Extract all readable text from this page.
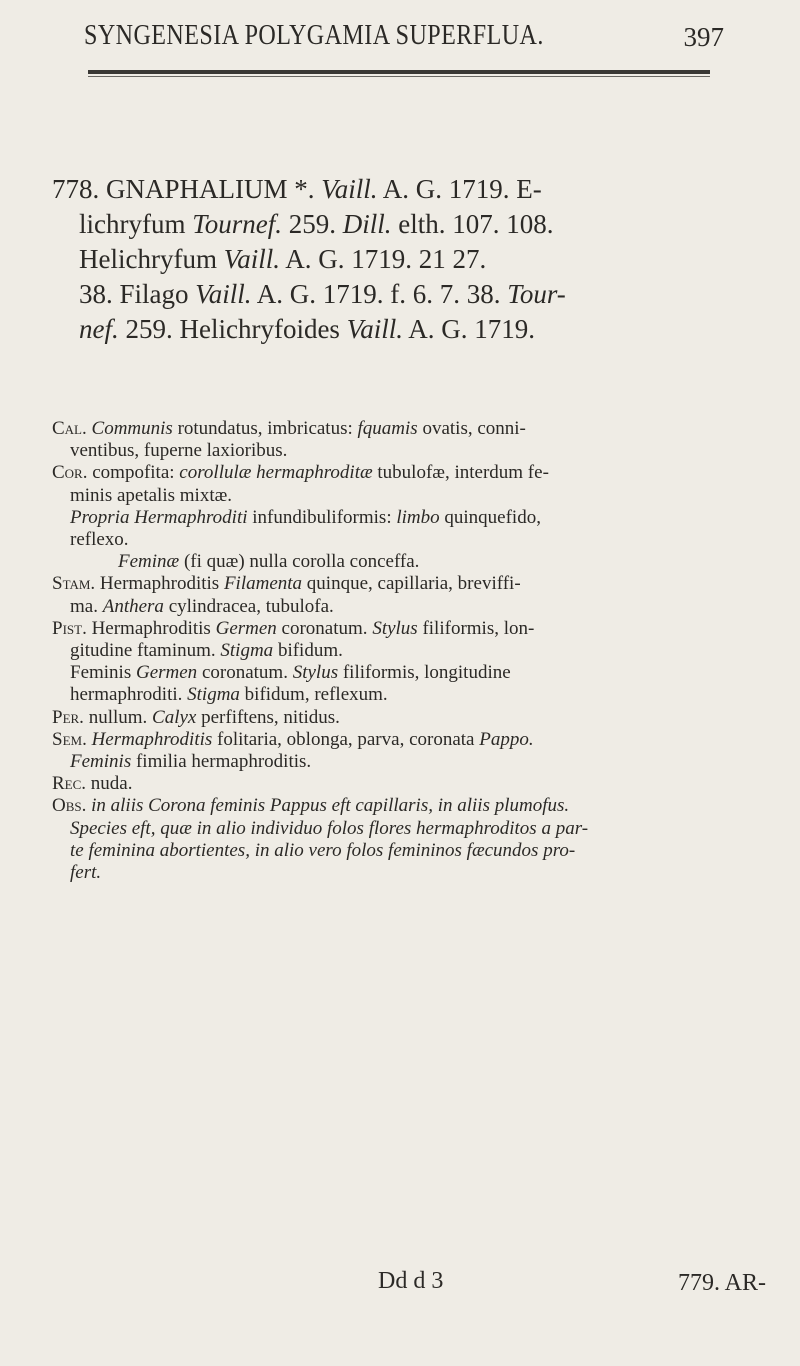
SYNGENESIA POLYGAMIA SUPERFLUA.	397
778. GNAPHALIUM *. Vaill. A. G. 1719. E-
lichryfum Tournef. 259. Dill. elth. 107. 108.
Helichryfum Vaill. A. G. 1719. 21 27.
38. Filago Vaill. A. G. 1719. f. 6. 7. 38. Tour-
nef. 259. Helichryfoides Vaill. A. G. 1719.
Cal. Communis rotundatus, imbricatus: fquamis ovatis, conni-
ventibus, fuperne laxioribus.
Cor. compofita: corollulæ hermaphroditæ tubulofæ, interdum fe-
minis apetalis mixtæ.
Propria Hermaphroditi infundibuliformis: limbo quinquefido,
reflexo.
Feminæ (fi quæ) nulla corolla conceffa.
Stam. Hermaphroditis Filamenta quinque, capillaria, breviffi-
ma. Anthera cylindracea, tubulofa.
Pist. Hermaphroditis Germen coronatum. Stylus filiformis, lon-
gitudine ftaminum. Stigma bifidum.
Feminis Germen coronatum. Stylus filiformis, longitudine
hermaphroditi. Stigma bifidum, reflexum.
Per. nullum. Calyx perfiftens, nitidus.
Sem. Hermaphroditis folitaria, oblonga, parva, coronata Pappo.
Feminis fimilia hermaphroditis.
Rec. nuda.
Obs. in aliis Corona feminis Pappus eft capillaris, in aliis plumofus.
Species eft, quæ in alio individuo folos flores hermaphroditos a par-
te feminina abortientes, in alio vero folos femininos fæcundos pro-
fert.
Dd d 3	779. AR-
